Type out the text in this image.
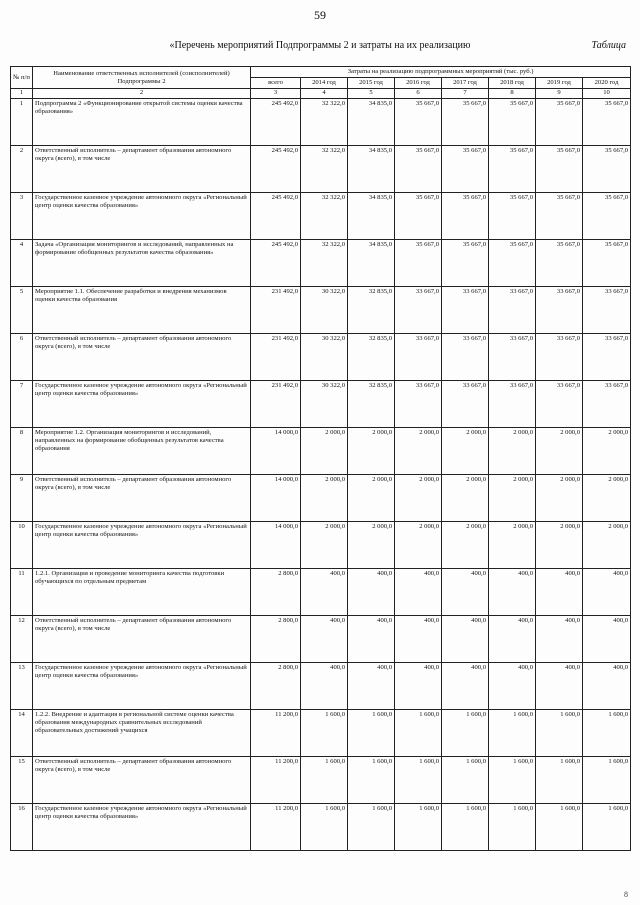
59
«Перечень мероприятий Подпрограммы 2 и затраты на их реализацию	Таблица
№ п/п	Наименование ответственных исполнителей (соисполнителей) Подпрограммы 2	Затраты на реализацию подпрограммных мероприятий (тыс. руб.)							
		всего	2014 год	2015 год	2016 год	2017 год	2018 год	2019 год	2020 год
1	2	3	4	5	6	7	8	9	10
1	Подпрограмма 2 «Функционирование открытой системы оценки качества образования»	245 492,0	32 322,0	34 835,0	35 667,0	35 667,0	35 667,0	35 667,0	35 667,0
2	Ответственный исполнитель – департамент образования автономного округа (всего), в том числе	245 492,0	32 322,0	34 835,0	35 667,0	35 667,0	35 667,0	35 667,0	35 667,0
3	Государственное казенное учреждение автономного округа «Региональный центр оценки качества образования»	245 492,0	32 322,0	34 835,0	35 667,0	35 667,0	35 667,0	35 667,0	35 667,0
4	Задача «Организация мониторингов и исследований, направленных на формирование обобщенных результатов качества образования»	245 492,0	32 322,0	34 835,0	35 667,0	35 667,0	35 667,0	35 667,0	35 667,0
5	Мероприятие 1.1. Обеспечение разработки и внедрения механизмов оценки качества образования	231 492,0	30 322,0	32 835,0	33 667,0	33 667,0	33 667,0	33 667,0	33 667,0
6	Ответственный исполнитель – департамент образования автономного округа (всего), в том числе	231 492,0	30 322,0	32 835,0	33 667,0	33 667,0	33 667,0	33 667,0	33 667,0
7	Государственное казенное учреждение автономного округа «Региональный центр оценки качества образования»	231 492,0	30 322,0	32 835,0	33 667,0	33 667,0	33 667,0	33 667,0	33 667,0
8	Мероприятие 1.2. Организация мониторингов и исследований, направленных на формирование обобщенных результатов качества образования	14 000,0	2 000,0	2 000,0	2 000,0	2 000,0	2 000,0	2 000,0	2 000,0
9	Ответственный исполнитель – департамент образования автономного округа (всего), в том числе	14 000,0	2 000,0	2 000,0	2 000,0	2 000,0	2 000,0	2 000,0	2 000,0
10	Государственное казенное учреждение автономного округа «Региональный центр оценки качества образования»	14 000,0	2 000,0	2 000,0	2 000,0	2 000,0	2 000,0	2 000,0	2 000,0
11	1.2.1. Организация и проведение мониторинга качества подготовки обучающихся по отдельным предметам	2 800,0	400,0	400,0	400,0	400,0	400,0	400,0	400,0
12	Ответственный исполнитель – департамент образования автономного округа (всего), в том числе	2 800,0	400,0	400,0	400,0	400,0	400,0	400,0	400,0
13	Государственное казенное учреждение автономного округа «Региональный центр оценки качества образования»	2 800,0	400,0	400,0	400,0	400,0	400,0	400,0	400,0
14	1.2.2. Внедрение и адаптация в региональной системе оценки качества образования международных сравнительных исследований образовательных достижений учащихся	11 200,0	1 600,0	1 600,0	1 600,0	1 600,0	1 600,0	1 600,0	1 600,0
15	Ответственный исполнитель – департамент образования автономного округа (всего), в том числе	11 200,0	1 600,0	1 600,0	1 600,0	1 600,0	1 600,0	1 600,0	1 600,0
16	Государственное казенное учреждение автономного округа «Региональный центр оценки качества образования»	11 200,0	1 600,0	1 600,0	1 600,0	1 600,0	1 600,0	1 600,0	1 600,0
8
